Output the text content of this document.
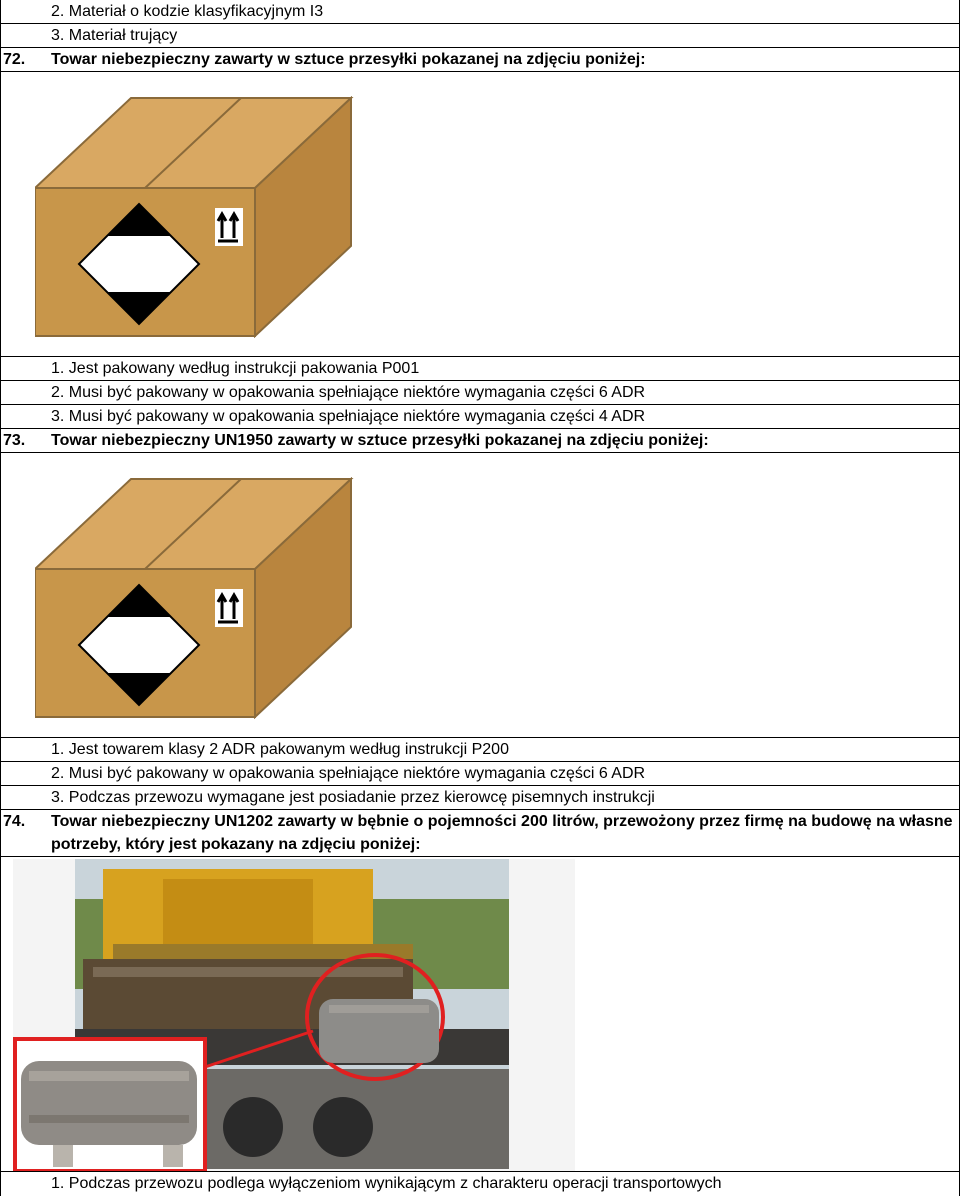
2. Materiał o kodzie klasyfikacyjnym I3
3. Materiał trujący
72. Towar niebezpieczny zawarty w sztuce przesyłki pokazanej na zdjęciu poniżej:
1. Jest pakowany według instrukcji pakowania P001
2. Musi być pakowany w opakowania spełniające niektóre wymagania części 6 ADR
3. Musi być pakowany w opakowania spełniające niektóre wymagania części 4 ADR
73. Towar niebezpieczny UN1950 zawarty w sztuce przesyłki pokazanej na zdjęciu poniżej:
1. Jest towarem klasy 2 ADR pakowanym według instrukcji P200
2. Musi być pakowany w opakowania spełniające niektóre wymagania części 6 ADR
3. Podczas przewozu wymagane jest posiadanie przez kierowcę pisemnych instrukcji
74. Towar niebezpieczny UN1202 zawarty w bębnie o pojemności 200 litrów, przewożony przez firmę na budowę na własne potrzeby, który jest pokazany na zdjęciu poniżej:
1. Podczas przewozu podlega wyłączeniom wynikającym z charakteru operacji transportowych
